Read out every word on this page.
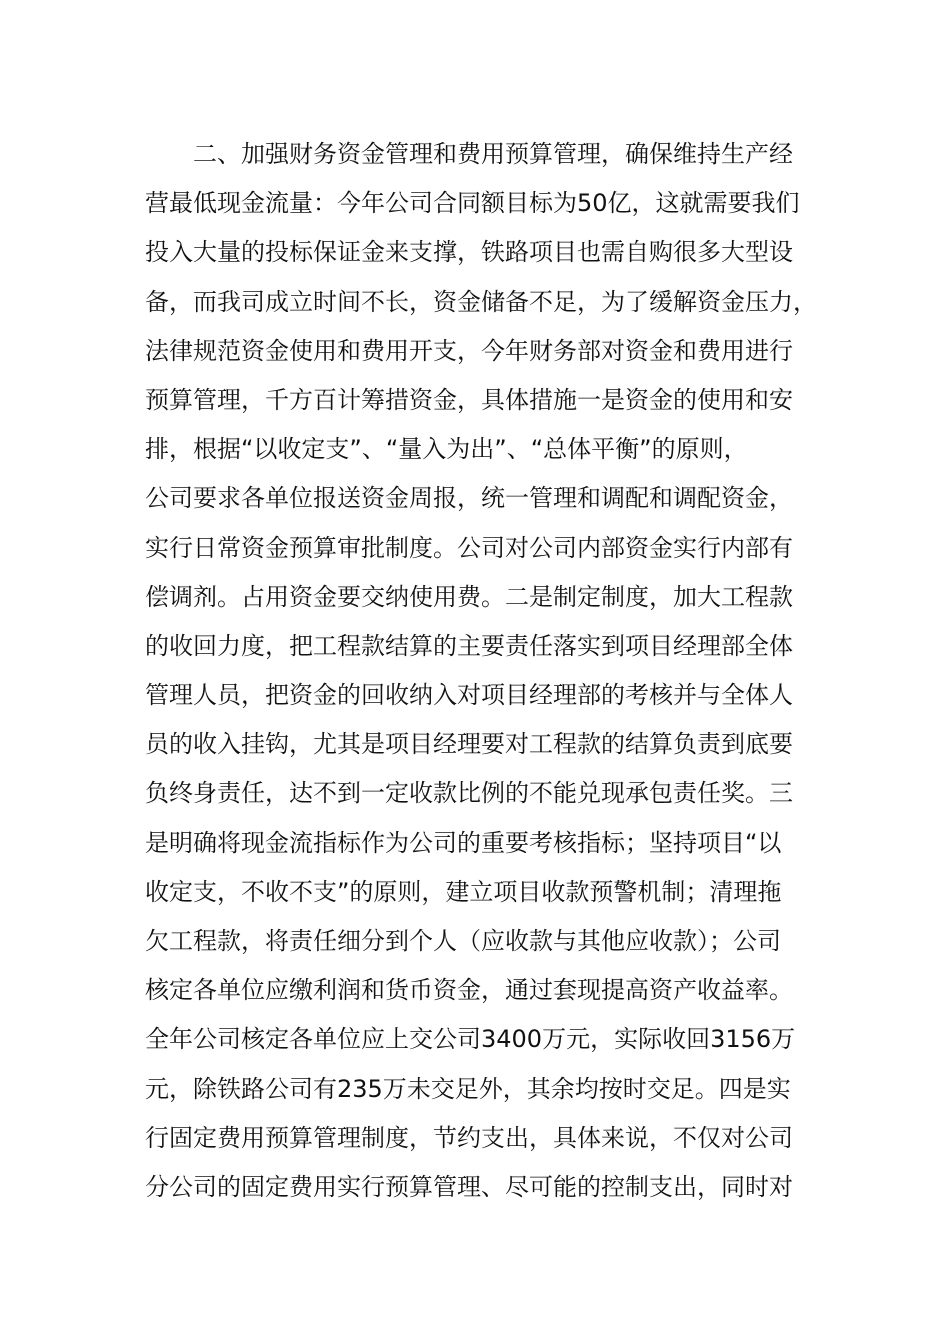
　　二、加强财务资金管理和费用预算管理，确保维持生产经
营最低现金流量：今年公司合同额目标为50亿，这就需要我们
投入大量的投标保证金来支撑，铁路项目也需自购很多大型设
备，而我司成立时间不长，资金储备不足，为了缓解资金压力，
法律规范资金使用和费用开支，今年财务部对资金和费用进行
预算管理，千方百计筹措资金，具体措施一是资金的使用和安
排，根据“以收定支”、“量入为出”、“总体平衡”的原则，
公司要求各单位报送资金周报，统一管理和调配和调配资金，
实行日常资金预算审批制度。公司对公司内部资金实行内部有
偿调剂。占用资金要交纳使用费。二是制定制度，加大工程款
的收回力度，把工程款结算的主要责任落实到项目经理部全体
管理人员，把资金的回收纳入对项目经理部的考核并与全体人
员的收入挂钩，尤其是项目经理要对工程款的结算负责到底要
负终身责任，达不到一定收款比例的不能兑现承包责任奖。三
是明确将现金流指标作为公司的重要考核指标；坚持项目“以
收定支，不收不支”的原则，建立项目收款预警机制；清理拖
欠工程款，将责任细分到个人（应收款与其他应收款）；公司
核定各单位应缴利润和货币资金，通过套现提高资产收益率。
全年公司核定各单位应上交公司3400万元，实际收回3156万
元，除铁路公司有235万未交足外，其余均按时交足。四是实
行固定费用预算管理制度，节约支出，具体来说，不仅对公司
分公司的固定费用实行预算管理、尽可能的控制支出，同时对
